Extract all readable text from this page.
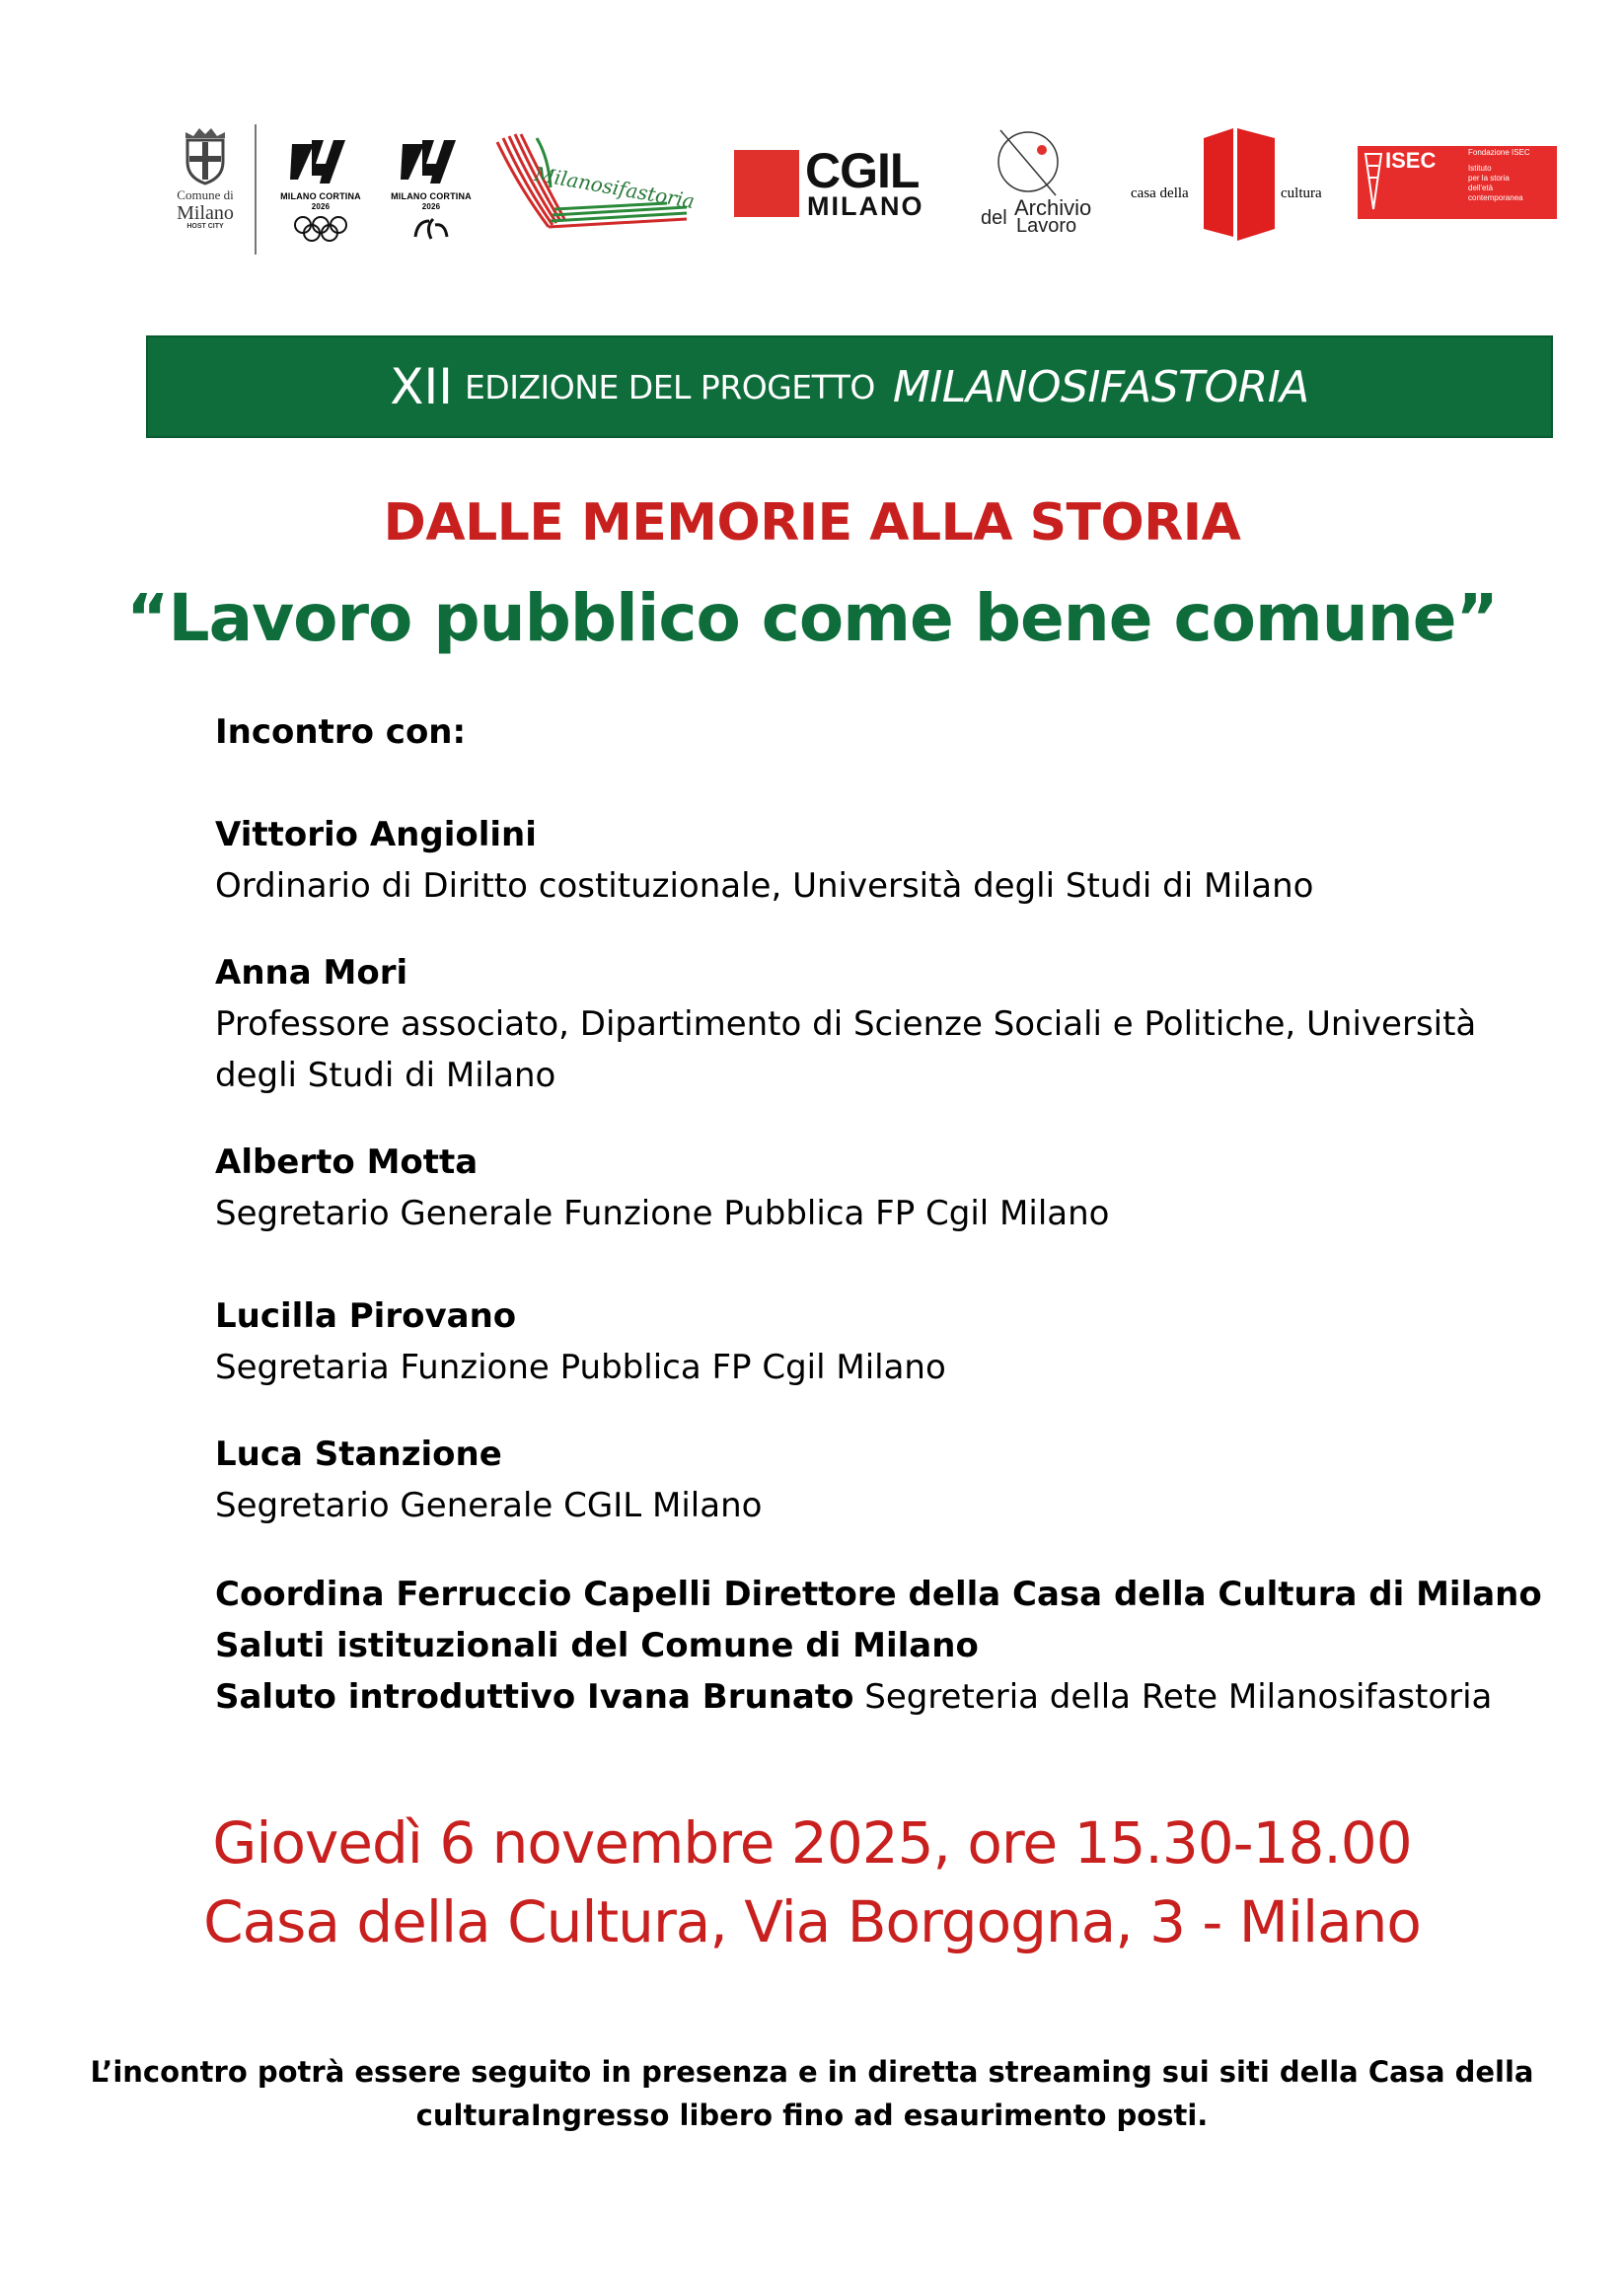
Comune di
Milano
HOST CITY
MILANO CORTINA
2026
MILANO CORTINA
2026	Milanosifastoria CGIL
MILANO	del Archivio
Lavoro
casa della	cultura
ISEC	Fondazione ISEC
Istituto
per la storia
dell'età
contemporanea
XII EDIZIONE DEL PROGETTO MILANOSIFASTORIA
DALLE MEMORIE ALLA STORIA
“Lavoro pubblico come bene comune”
Incontro con:
Vittorio Angiolini
Ordinario di Diritto costituzionale, Università degli Studi di Milano
Anna Mori
Professore associato, Dipartimento di Scienze Sociali e Politiche, Università
degli Studi di Milano
Alberto Motta
Segretario Generale Funzione Pubblica FP Cgil Milano
Lucilla Pirovano
Segretaria Funzione Pubblica FP Cgil Milano
Luca Stanzione
Segretario Generale CGIL Milano
Coordina Ferruccio Capelli Direttore della Casa della Cultura di Milano
Saluti istituzionali del Comune di Milano
Saluto introduttivo Ivana Brunato Segreteria della Rete Milanosifastoria
Giovedì 6 novembre 2025, ore 15.30-18.00
Casa della Cultura, Via Borgogna, 3 - Milano
L’incontro potrà essere seguito in presenza e in diretta streaming sui siti della Casa della
culturaIngresso libero fino ad esaurimento posti.
